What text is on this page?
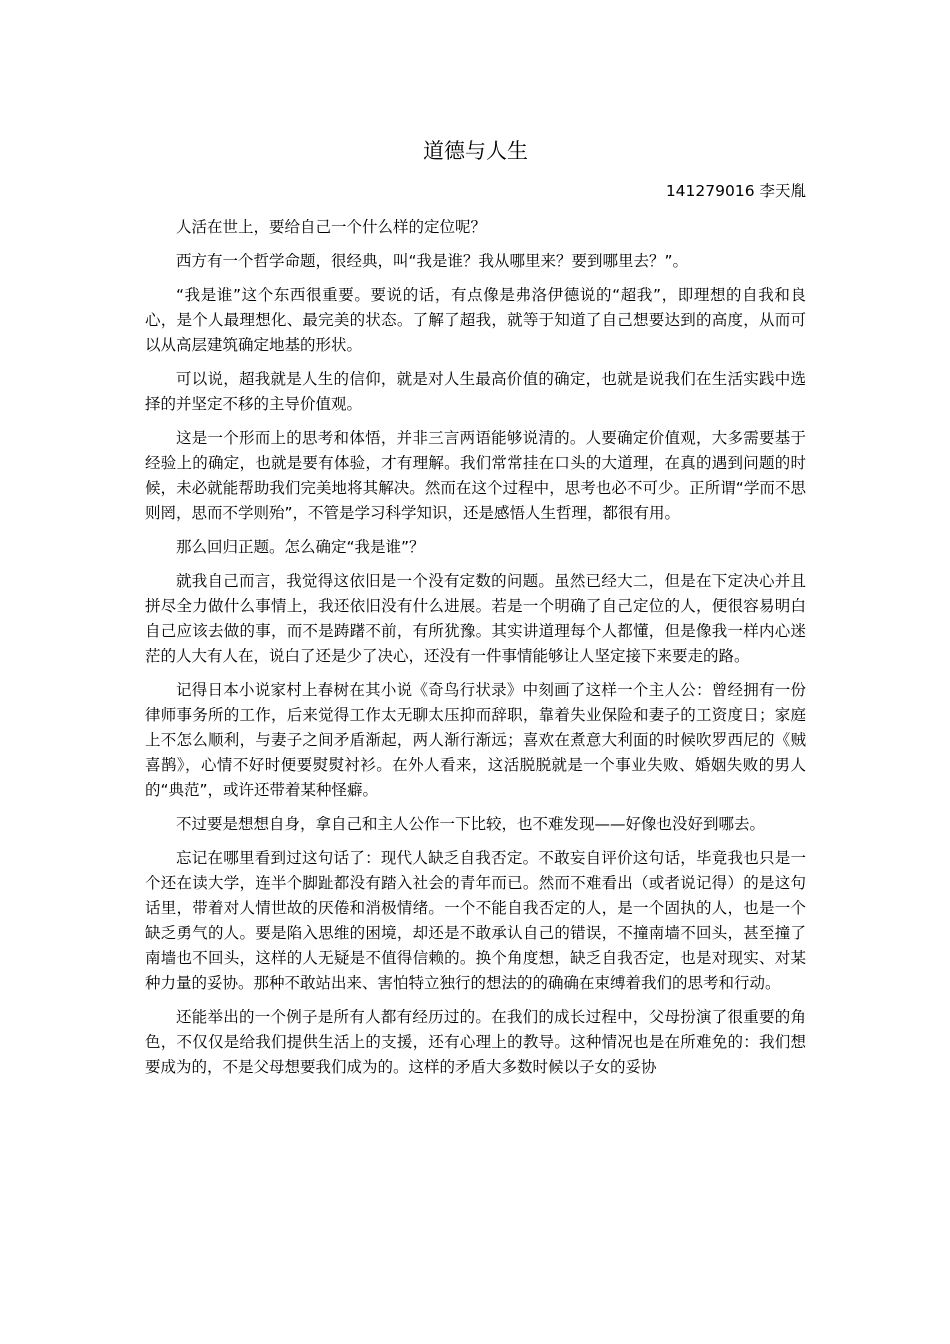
道德与人生
141279016 李天胤

人活在世上，要给自己一个什么样的定位呢？

西方有一个哲学命题，很经典，叫“我是谁？我从哪里来？要到哪里去？”。

“我是谁”这个东西很重要。要说的话，有点像是弗洛伊德说的“超我”，即理想的自我和良心，是个人最理想化、最完美的状态。了解了超我，就等于知道了自己想要达到的高度，从而可以从高层建筑确定地基的形状。

可以说，超我就是人生的信仰，就是对人生最高价值的确定，也就是说我们在生活实践中选择的并坚定不移的主导价值观。

这是一个形而上的思考和体悟，并非三言两语能够说清的。人要确定价值观，大多需要基于经验上的确定，也就是要有体验，才有理解。我们常常挂在口头的大道理，在真的遇到问题的时候，未必就能帮助我们完美地将其解决。然而在这个过程中，思考也必不可少。正所谓“学而不思则罔，思而不学则殆”，不管是学习科学知识，还是感悟人生哲理，都很有用。

那么回归正题。怎么确定“我是谁”？

就我自己而言，我觉得这依旧是一个没有定数的问题。虽然已经大二，但是在下定决心并且拼尽全力做什么事情上，我还依旧没有什么进展。若是一个明确了自己定位的人，便很容易明白自己应该去做的事，而不是踌躇不前，有所犹豫。其实讲道理每个人都懂，但是像我一样内心迷茫的人大有人在，说白了还是少了决心，还没有一件事情能够让人坚定接下来要走的路。

记得日本小说家村上春树在其小说《奇鸟行状录》中刻画了这样一个主人公：曾经拥有一份律师事务所的工作，后来觉得工作太无聊太压抑而辞职，靠着失业保险和妻子的工资度日；家庭上不怎么顺利，与妻子之间矛盾渐起，两人渐行渐远；喜欢在煮意大利面的时候吹罗西尼的《贼喜鹊》，心情不好时便要熨熨衬衫。在外人看来，这活脱脱就是一个事业失败、婚姻失败的男人的“典范”，或许还带着某种怪癖。

不过要是想想自身，拿自己和主人公作一下比较，也不难发现——好像也没好到哪去。

忘记在哪里看到过这句话了：现代人缺乏自我否定。不敢妄自评价这句话，毕竟我也只是一个还在读大学，连半个脚趾都没有踏入社会的青年而已。然而不难看出（或者说记得）的是这句话里，带着对人情世故的厌倦和消极情绪。一个不能自我否定的人，是一个固执的人，也是一个缺乏勇气的人。要是陷入思维的困境，却还是不敢承认自己的错误，不撞南墙不回头，甚至撞了南墙也不回头，这样的人无疑是不值得信赖的。换个角度想，缺乏自我否定，也是对现实、对某种力量的妥协。那种不敢站出来、害怕特立独行的想法的的确确在束缚着我们的思考和行动。

还能举出的一个例子是所有人都有经历过的。在我们的成长过程中，父母扮演了很重要的角色，不仅仅是给我们提供生活上的支援，还有心理上的教导。这种情况也是在所难免的：我们想要成为的，不是父母想要我们成为的。这样的矛盾大多数时候以子女的妥协
